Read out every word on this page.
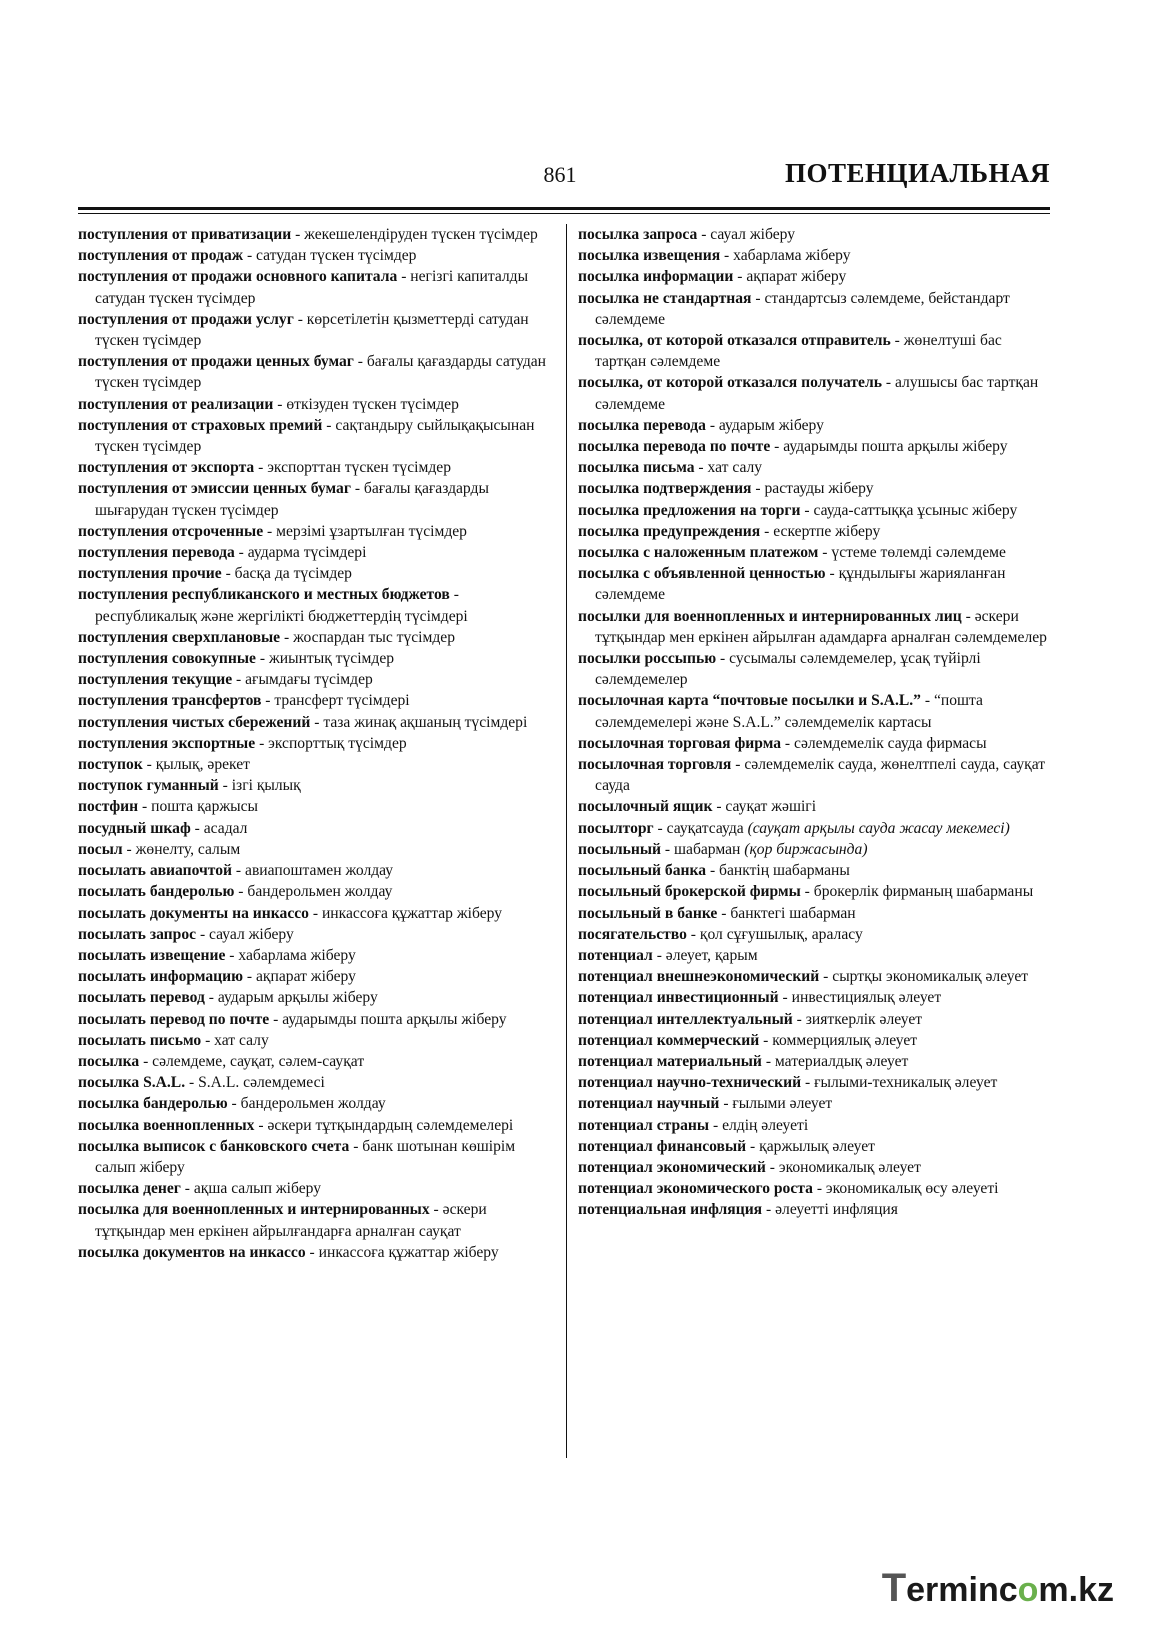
861	ПОТЕНЦИАЛЬНАЯ

поступления от приватизации - жекешелендіруден түскен түсімдер

поступления от продаж - сатудан түскен түсімдер

поступления от продажи основного капитала - негізгі капиталды сатудан түскен түсімдер

поступления от продажи услуг - көрсетілетін қызметтерді сатудан түскен түсімдер

поступления от продажи ценных бумаг - бағалы қағаздарды сатудан түскен түсімдер

поступления от реализации - өткізуден түскен түсімдер

поступления от страховых премий - сақтандыру сыйлықақысынан түскен түсімдер

поступления от экспорта - экспорттан түскен түсімдер

поступления от эмиссии ценных бумаг - бағалы қағаздарды шығарудан түскен түсімдер

поступления отсроченные - мерзімі ұзартылған түсімдер

поступления перевода - аударма түсімдері

поступления прочие - басқа да түсімдер

поступления республиканского и местных бюджетов - республикалық және жергілікті бюджеттердің түсімдері

поступления сверхплановые - жоспардан тыс түсімдер

поступления совокупные - жиынтық түсімдер

поступления текущие - ағымдағы түсімдер

поступления трансфертов - трансферт түсімдері

поступления чистых сбережений - таза жинақ ақшаның түсімдері

поступления экспортные - экспорттық түсімдер

поступок - қылық, әрекет

поступок гуманный - ізгі қылық

постфин - пошта қаржысы

посудный шкаф - асадал

посыл - жөнелту, салым

посылать авиапочтой - авиапоштамен жолдау

посылать бандеролью - бандерольмен жолдау

посылать документы на инкассо - инкассоға құжаттар жіберу

посылать запрос - сауал жіберу

посылать извещение - хабарлама жіберу

посылать информацию - ақпарат жіберу

посылать перевод - аударым арқылы жіберу

посылать перевод по почте - аударымды пошта арқылы жіберу

посылать письмо - хат салу

посылка - сәлемдеме, сауқат, сәлем-сауқат

посылка S.A.L. - S.A.L. сәлемдемесі

посылка бандеролью - бандерольмен жолдау

посылка военнопленных - әскери тұтқындардың сәлемдемелері

посылка выписок с банковского счета - банк шотынан көшірім салып жіберу

посылка денег - ақша салып жіберу

посылка для военнопленных и интернированных - әскери тұтқындар мен еркінен айрылғандарға арналған сауқат

посылка документов на инкассо - инкассоға құжаттар жіберу

посылка запроса - сауал жіберу

посылка извещения - хабарлама жіберу

посылка информации - ақпарат жіберу

посылка не стандартная - стандартсыз сәлемдеме, бейстандарт сәлемдеме

посылка, от которой отказался отправитель - жөнелтуші бас тартқан сәлемдеме

посылка, от которой отказался получатель - алушысы бас тартқан сәлемдеме

посылка перевода - аударым жіберу

посылка перевода по почте - аударымды пошта арқылы жіберу

посылка письма - хат салу

посылка подтверждения - растауды жіберу

посылка предложения на торги - сауда-саттыққа ұсыныс жіберу

посылка предупреждения - ескертпе жіберу

посылка с наложенным платежом - үстеме төлемді сәлемдеме

посылка с объявленной ценностью - құндылығы жарияланған сәлемдеме

посылки для военнопленных и интернированных лиц - әскери тұтқындар мен еркінен айрылған адамдарға арналған сәлемдемелер

посылки россыпью - сусымалы сәлемдемелер, ұсақ түйірлі сәлемдемелер

посылочная карта “почтовые посылки и S.A.L.” - “пошта сәлемдемелері және S.A.L.” сәлемдемелік картасы

посылочная торговая фирма - сәлемдемелік сауда фирмасы

посылочная торговля - сәлемдемелік сауда, жөнелтпелі сауда, сауқат сауда

посылочный ящик - сауқат жәшігі

посылторг - сауқатсауда (сауқат арқылы сауда жасау мекемесі)

посыльный - шабарман (қор биржасында)

посыльный банка - банктің шабарманы

посыльный брокерской фирмы - брокерлік фирманың шабарманы

посыльный в банке - банктегі шабарман

посягательство - қол сұғушылық, араласу

потенциал - әлеует, қарым

потенциал внешнеэкономический - сыртқы экономикалық әлеует

потенциал инвестиционный - инвестициялық әлеует

потенциал интеллектуальный - зияткерлік әлеует

потенциал коммерческий - коммерциялық әлеует

потенциал материальный - материалдық әлеует

потенциал научно-технический - ғылыми-техникалық әлеует

потенциал научный - ғылыми әлеует

потенциал страны - елдің әлеуеті

потенциал финансовый - қаржылық әлеует

потенциал экономический - экономикалық әлеует

потенциал экономического роста - экономикалық өсу әлеуеті

потенциальная инфляция - әлеуетті инфляция

Termincom.kz
